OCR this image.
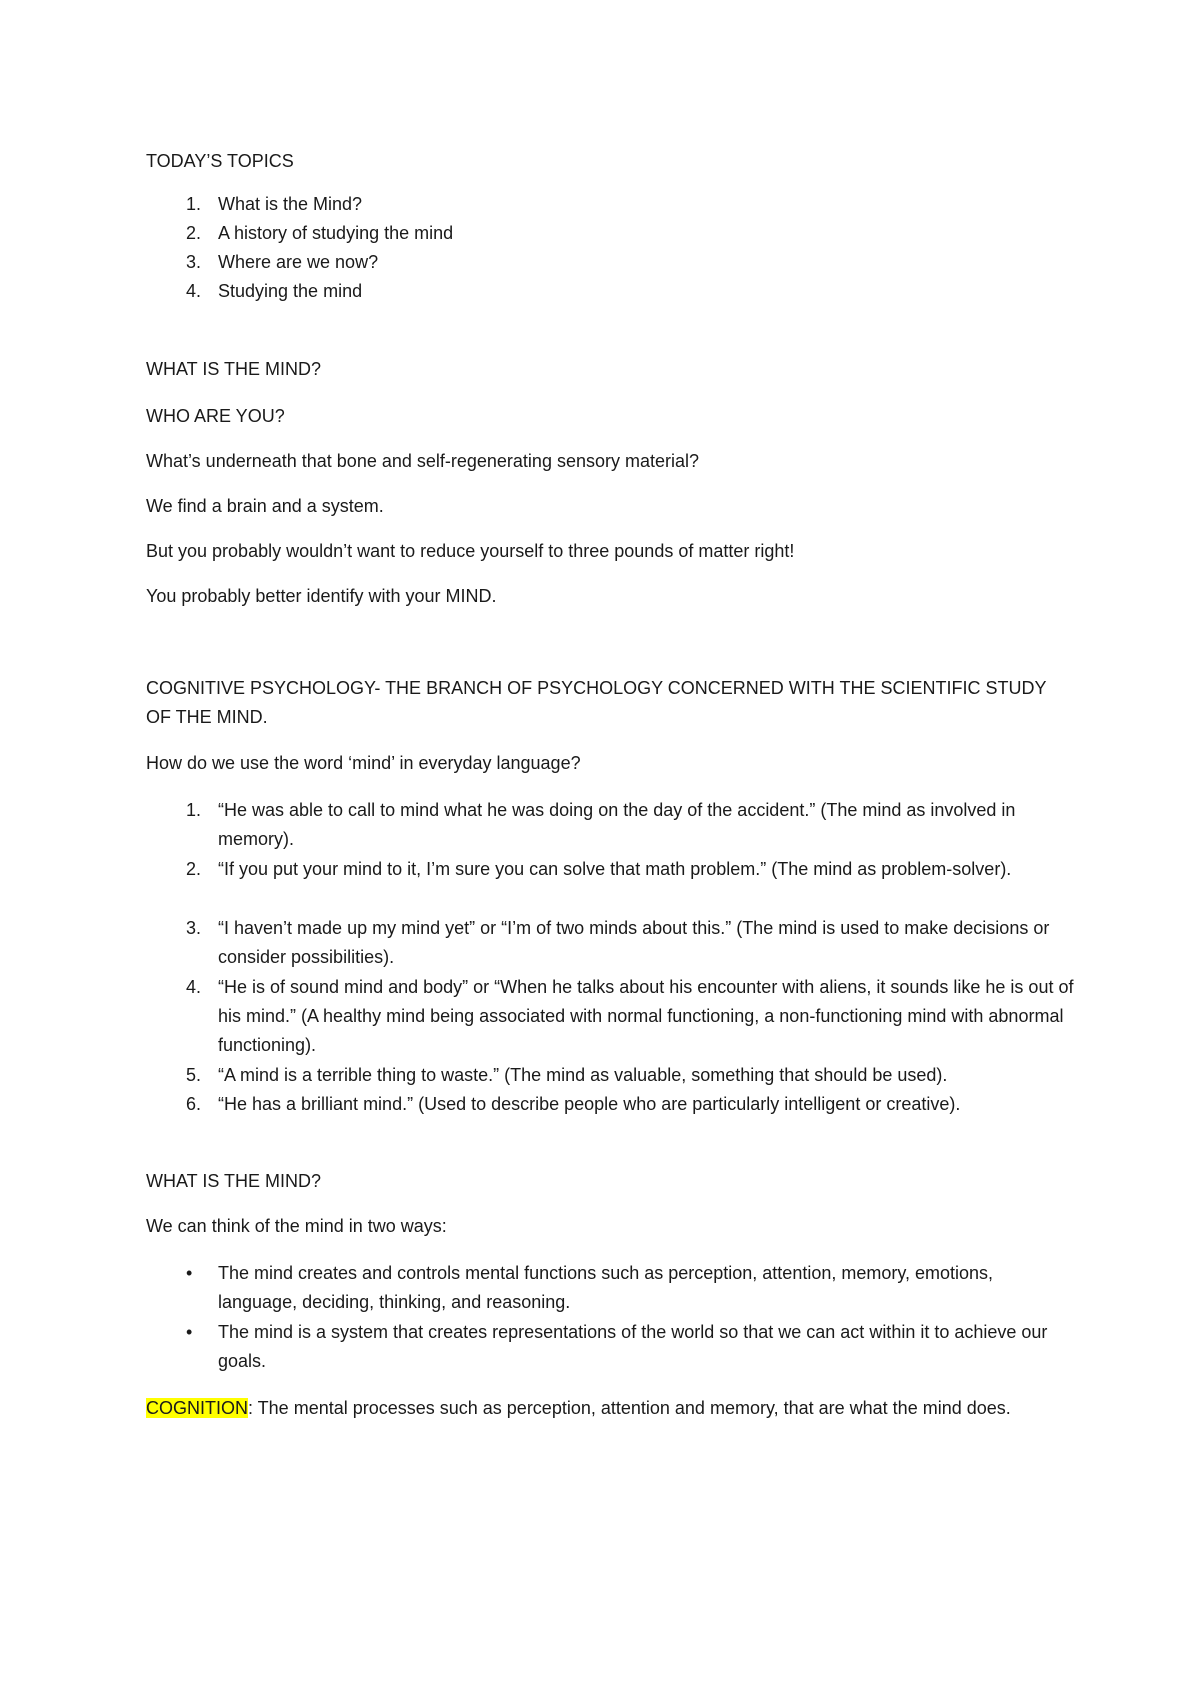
TODAY’S TOPICS
1. What is the Mind?
2. A history of studying the mind
3. Where are we now?
4. Studying the mind
WHAT IS THE MIND?
WHO ARE YOU?
What’s underneath that bone and self-regenerating sensory material?
We find a brain and a system.
But you probably wouldn’t want to reduce yourself to three pounds of matter right!
You probably better identify with your MIND.
COGNITIVE PSYCHOLOGY- THE BRANCH OF PSYCHOLOGY CONCERNED WITH THE SCIENTIFIC STUDY
OF THE MIND.
How do we use the word ‘mind’ in everyday language?
1. “He was able to call to mind what he was doing on the day of the accident.” (The mind as involved in memory).
2. “If you put your mind to it, I’m sure you can solve that math problem.” (The mind as problem-solver).
3. “I haven’t made up my mind yet” or “I’m of two minds about this.” (The mind is used to make decisions or consider possibilities).
4. “He is of sound mind and body” or “When he talks about his encounter with aliens, it sounds like he is out of his mind.” (A healthy mind being associated with normal functioning, a non-functioning mind with abnormal functioning).
5. “A mind is a terrible thing to waste.” (The mind as valuable, something that should be used).
6. “He has a brilliant mind.” (Used to describe people who are particularly intelligent or creative).
WHAT IS THE MIND?
We can think of the mind in two ways:
•	The mind creates and controls mental functions such as perception, attention, memory, emotions, language, deciding, thinking, and reasoning.
•	The mind is a system that creates representations of the world so that we can act within it to achieve our goals.
COGNITION: The mental processes such as perception, attention and memory, that are what the mind does.
